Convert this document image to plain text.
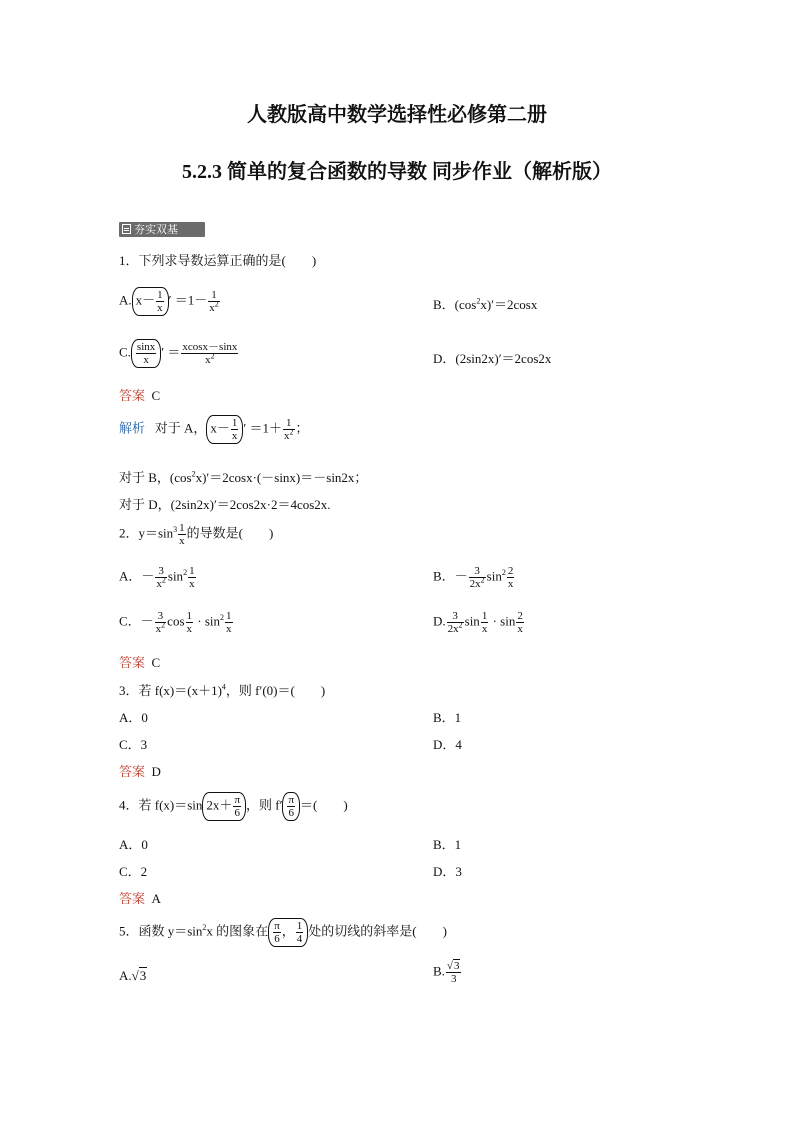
人教版高中数学选择性必修第二册
5.2.3 简单的复合函数的导数 同步作业（解析版）
夯实双基
1．下列求导数运算正确的是(　　)
A. $x- \frac{1}{x}$ ′ $=1- \frac{1}{x^2}$	B．$(\cos^2x)'=2\cos x$
C. $\frac{\sin x}{x}$ ′ ＝ $\frac{xcosx-\sin x}{x^2}$	D．(2sin2x)′＝2cos2x
答案 C
解析 对于 A， $x- \frac{1}{x}$ ′ $=1+ \frac{1}{x^2}$ ；
对于 B，$(\cos^2x)'=2\cos x\cdot(-\sin x)=-\sin 2x$；
对于 D，(2sin2x)′＝2cos2x·2＝4cos2x.
2．$y=\sin^3 \frac{1}{x}$ 的导数是(　　)
A．－ $\frac{3}{x^2} \sin^2 \frac{1}{x}$	B．－ $\frac{3}{2x^2} \sin^2 \frac{2}{x}$
C．－ $\frac{3}{x^2}$ $\cos \frac{1}{x} \cdot \sin^2 \frac{1}{x}$	D. $\frac{3}{2x^2}$ $\sin \frac{1}{x} \cdot \sin \frac{2}{x}$
答案 C
3．若 $f(x)=(x+1)^4$，则 f′(0)＝(　　)
A．0	B．1
C．3	D．4
答案 D
4．若 f(x)＝sin $2x+ \frac{\pi}{6}$ ，则 $f' \frac{\pi}{6}$ ＝(　　)
A．0	B．1
C．2	D．3
答案 A
5．函数 $y=\sin^2x$ 的图象在 $\frac{\pi}{6}$ ， $\frac{1}{4}$ 处的切线的斜率是(　　)
A.√3	B. $\frac{√3}{3}$
